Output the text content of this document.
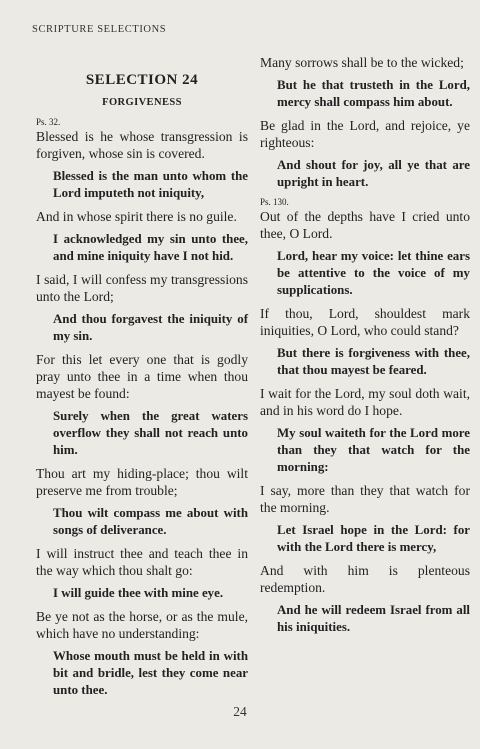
SCRIPTURE SELECTIONS
SELECTION 24
FORGIVENESS
Ps. 32.
Blessed is he whose transgression is forgiven, whose sin is covered.
Blessed is the man unto whom the Lord imputeth not iniquity,
And in whose spirit there is no guile.
I acknowledged my sin unto thee, and mine iniquity have I not hid.
I said, I will confess my transgressions unto the Lord;
And thou forgavest the iniquity of my sin.
For this let every one that is godly pray unto thee in a time when thou mayest be found:
Surely when the great waters overflow they shall not reach unto him.
Thou art my hiding-place; thou wilt preserve me from trouble;
Thou wilt compass me about with songs of deliverance.
I will instruct thee and teach thee in the way which thou shalt go:
I will guide thee with mine eye.
Be ye not as the horse, or as the mule, which have no understanding:
Whose mouth must be held in with bit and bridle, lest they come near unto thee.
Many sorrows shall be to the wicked;
But he that trusteth in the Lord, mercy shall compass him about.
Be glad in the Lord, and rejoice, ye righteous:
And shout for joy, all ye that are upright in heart.
Ps. 130.
Out of the depths have I cried unto thee, O Lord.
Lord, hear my voice: let thine ears be attentive to the voice of my supplications.
If thou, Lord, shouldest mark iniquities, O Lord, who could stand?
But there is forgiveness with thee, that thou mayest be feared.
I wait for the Lord, my soul doth wait, and in his word do I hope.
My soul waiteth for the Lord more than they that watch for the morning:
I say, more than they that watch for the morning.
Let Israel hope in the Lord: for with the Lord there is mercy,
And with him is plenteous redemption.
And he will redeem Israel from all his iniquities.
24
